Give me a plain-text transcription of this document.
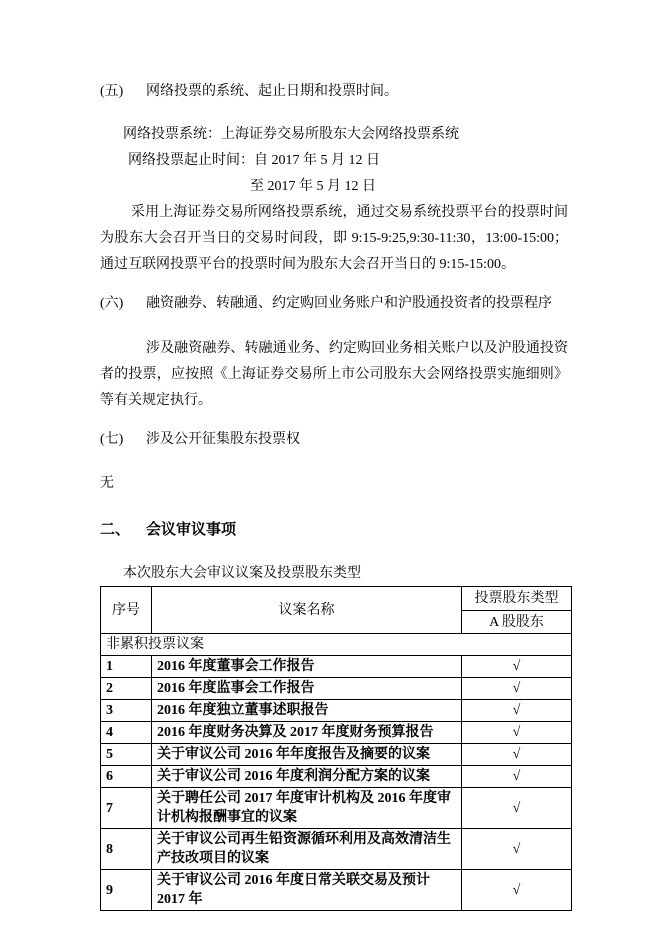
(五)	网络投票的系统、起止日期和投票时间。
网络投票系统：上海证券交易所股东大会网络投票系统
网络投票起止时间：自 2017 年 5 月 12 日
至 2017 年 5 月 12 日
采用上海证券交易所网络投票系统，通过交易系统投票平台的投票时间为股东大会召开当日的交易时间段，即 9:15-9:25,9:30-11:30，13:00-15:00；通过互联网投票平台的投票时间为股东大会召开当日的 9:15-15:00。
(六)	融资融券、转融通、约定购回业务账户和沪股通投资者的投票程序
涉及融资融券、转融通业务、约定购回业务相关账户以及沪股通投资者的投票，应按照《上海证券交易所上市公司股东大会网络投票实施细则》等有关规定执行。
(七)	涉及公开征集股东投票权
无
二、	会议审议事项
本次股东大会审议议案及投票股东类型
序号	议案名称	投票股东类型
		A 股股东
非累积投票议案		
1	2016 年度董事会工作报告	√
2	2016 年度监事会工作报告	√
3	2016 年度独立董事述职报告	√
4	2016 年度财务决算及 2017 年度财务预算报告	√
5	关于审议公司 2016 年年度报告及摘要的议案	√
6	关于审议公司 2016 年度利润分配方案的议案	√
7	关于聘任公司 2017 年度审计机构及 2016 年度审计机构报酬事宜的议案	√
8	关于审议公司再生铅资源循环利用及高效清洁生产技改项目的议案	√
9	关于审议公司 2016 年度日常关联交易及预计 2017 年	√
